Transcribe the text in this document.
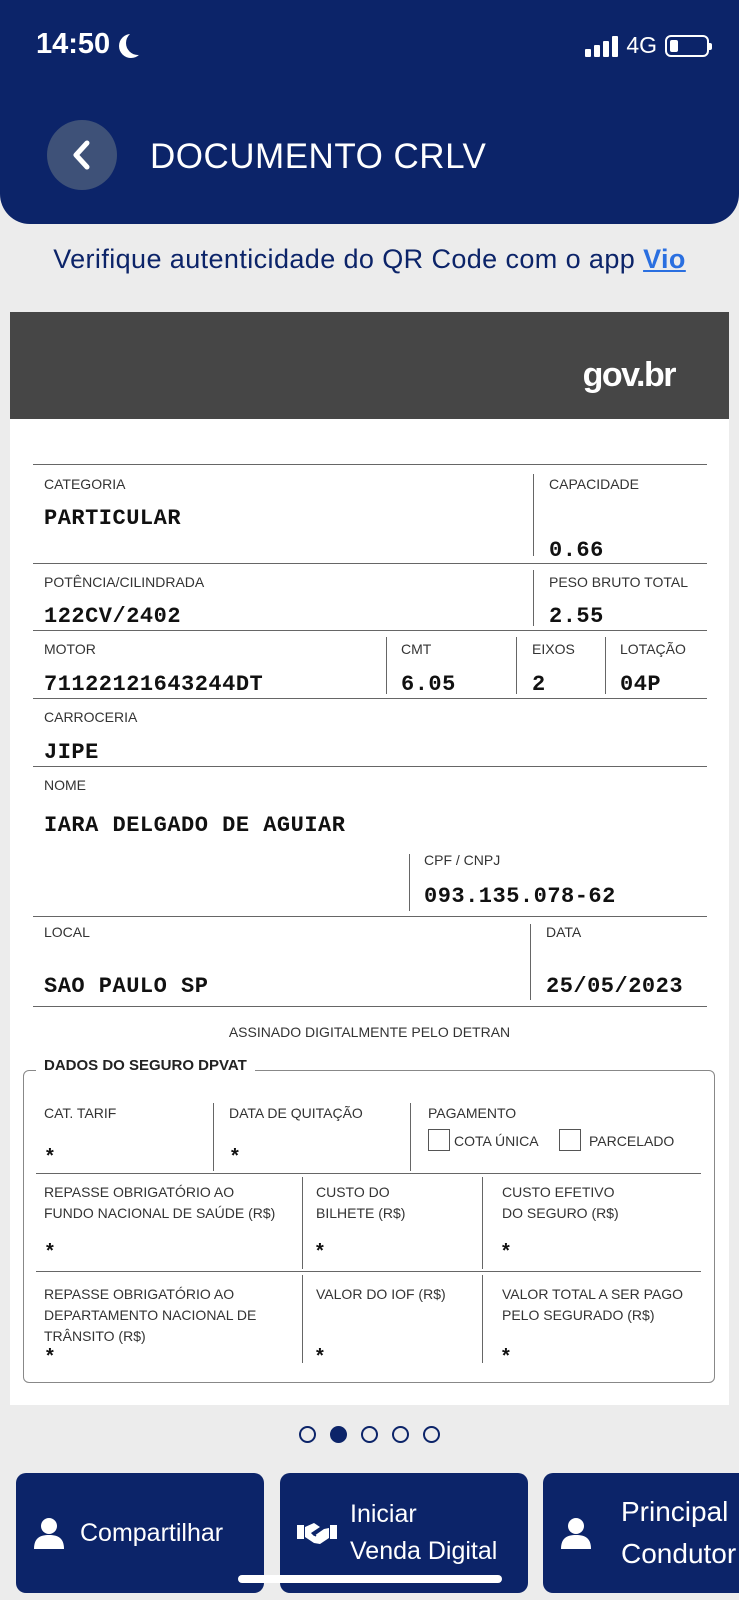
14:50	4G
DOCUMENTO CRLV
Verifique autenticidade do QR Code com o app Vio
gov.br
CATEGORIA
PARTICULAR
CAPACIDADE
0.66
POTÊNCIA/CILINDRADA
122CV/2402
PESO BRUTO TOTAL
2.55
MOTOR
71122121643244DT
CMT
6.05
EIXOS
2
LOTAÇÃO
04P
CARROCERIA
JIPE
NOME
IARA DELGADO DE AGUIAR
CPF / CNPJ
093.135.078-62
LOCAL
SAO PAULO SP
DATA
25/05/2023
ASSINADO DIGITALMENTE PELO DETRAN
DADOS DO SEGURO DPVAT
CAT. TARIF
*
DATA DE QUITAÇÃO
*
PAGAMENTO
COTA ÚNICA	PARCELADO
REPASSE OBRIGATÓRIO AO
FUNDO NACIONAL DE SAÚDE (R$)
*
CUSTO DO
BILHETE (R$)
*
CUSTO EFETIVO
DO SEGURO (R$)
*
REPASSE OBRIGATÓRIO AO
DEPARTAMENTO NACIONAL DE
TRÂNSITO (R$)
*
VALOR DO IOF (R$)
*
VALOR TOTAL A SER PAGO
PELO SEGURADO (R$)
*
Compartilhar
Iniciar
Venda Digital
Principal
Condutor
